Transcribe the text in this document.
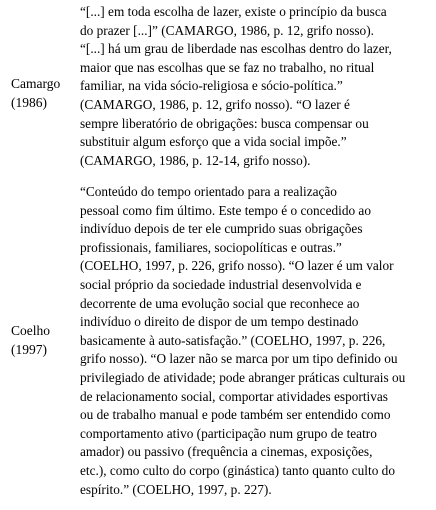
Camargo
(1986)
“[...] em toda escolha de lazer, existe o princípio da busca
do prazer [...]” (CAMARGO, 1986, p. 12, grifo nosso).
“[...] há um grau de liberdade nas escolhas dentro do lazer,
maior que nas escolhas que se faz no trabalho, no ritual
familiar, na vida sócio-religiosa e sócio-política.”
(CAMARGO, 1986, p. 12, grifo nosso). “O lazer é
sempre liberatório de obrigações: busca compensar ou
substituir algum esforço que a vida social impõe.”
(CAMARGO, 1986, p. 12-14, grifo nosso).
Coelho
(1997)
“Conteúdo do tempo orientado para a realização
pessoal como fim último. Este tempo é o concedido ao
indivíduo depois de ter ele cumprido suas obrigações
profissionais, familiares, sociopolíticas e outras.”
(COELHO, 1997, p. 226, grifo nosso). “O lazer é um valor
social próprio da sociedade industrial desenvolvida e
decorrente de uma evolução social que reconhece ao
indivíduo o direito de dispor de um tempo destinado
basicamente à auto-satisfação.” (COELHO, 1997, p. 226,
grifo nosso). “O lazer não se marca por um tipo definido ou
privilegiado de atividade; pode abranger práticas culturais ou
de relacionamento social, comportar atividades esportivas
ou de trabalho manual e pode também ser entendido como
comportamento ativo (participação num grupo de teatro
amador) ou passivo (frequência a cinemas, exposições,
etc.), como culto do corpo (ginástica) tanto quanto culto do
espírito.” (COELHO, 1997, p. 227).
